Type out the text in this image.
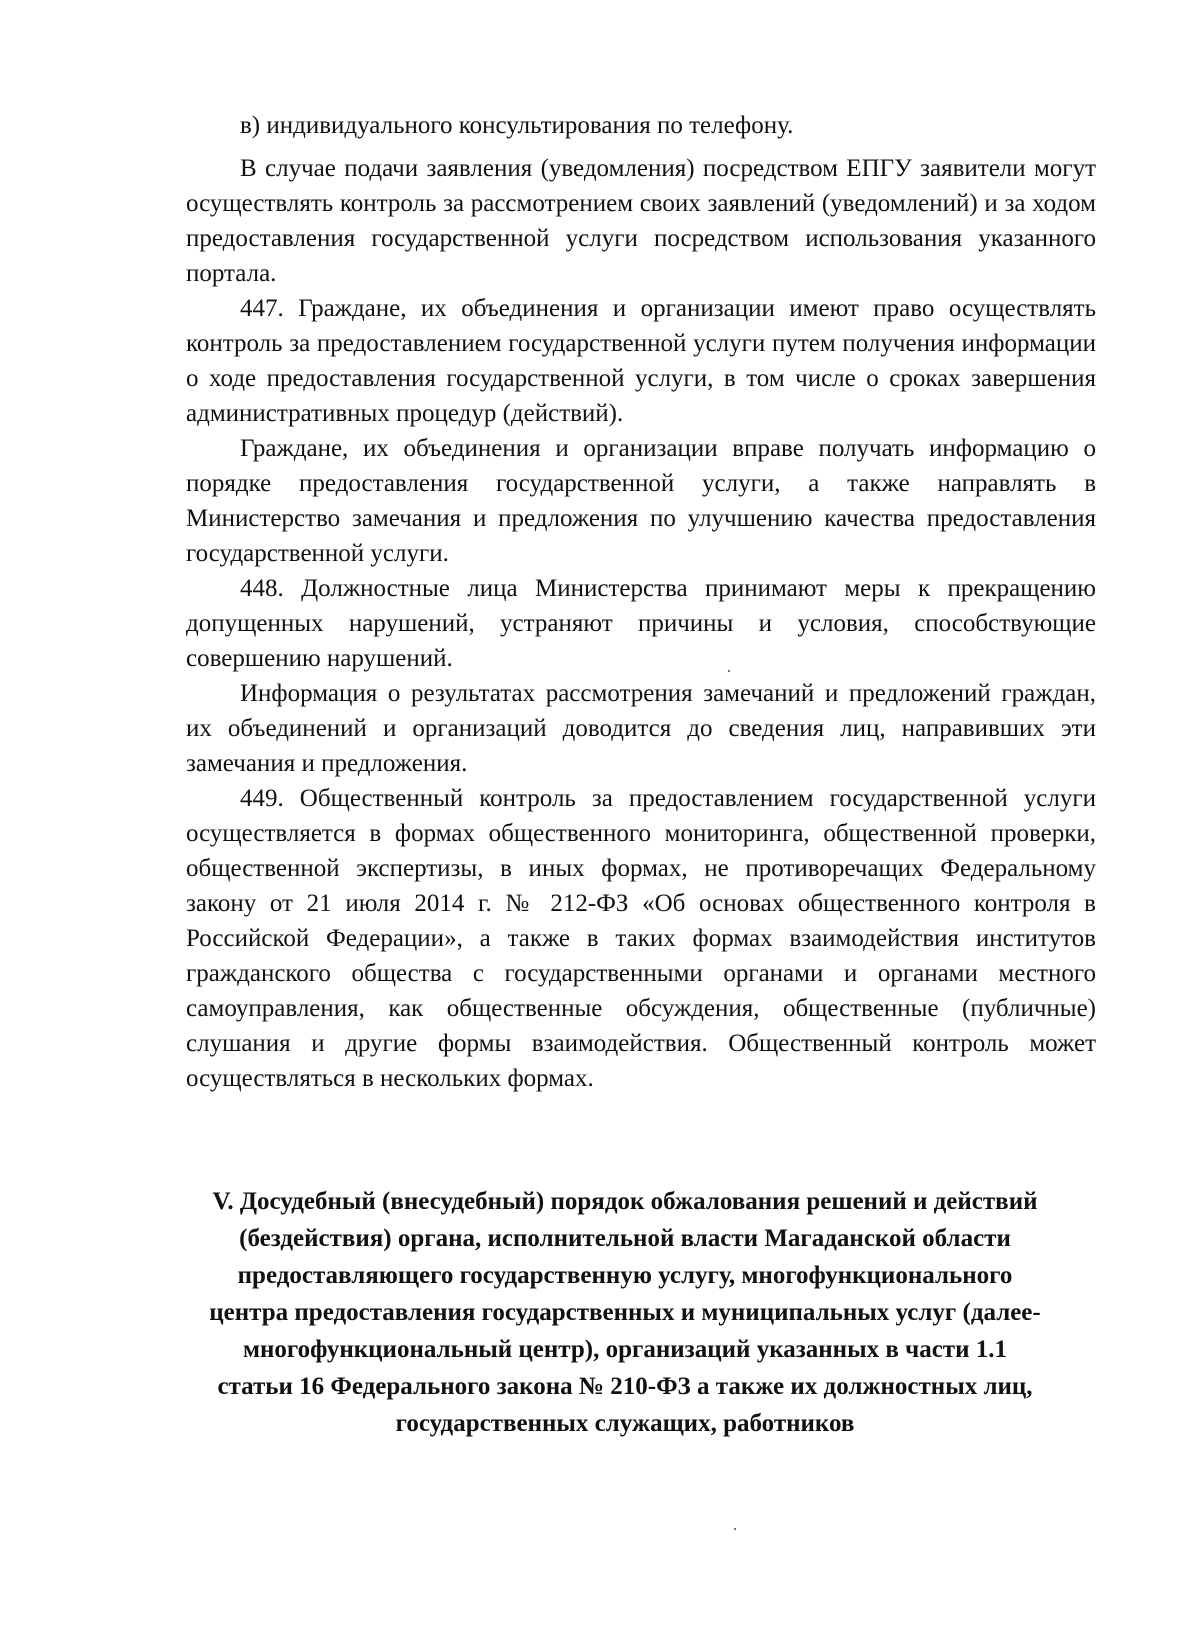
в) индивидуального консультирования по телефону.

В случае подачи заявления (уведомления) посредством ЕПГУ заявители могут осуществлять контроль за рассмотрением своих заявлений (уведомлений) и за ходом предоставления государственной услуги посредством использования указанного портала.

447. Граждане, их объединения и организации имеют право осуществлять контроль за предоставлением государственной услуги путем получения информации о ходе предоставления государственной услуги, в том числе о сроках завершения административных процедур (действий).

Граждане, их объединения и организации вправе получать информацию о порядке предоставления государственной услуги, а также направлять в Министерство замечания и предложения по улучшению качества предоставления государственной услуги.

448. Должностные лица Министерства принимают меры к прекращению допущенных нарушений, устраняют причины и условия, способствующие совершению нарушений.

Информация о результатах рассмотрения замечаний и предложений граждан, их объединений и организаций доводится до сведения лиц, направивших эти замечания и предложения.

449. Общественный контроль за предоставлением государственной услуги осуществляется в формах общественного мониторинга, общественной проверки, общественной экспертизы, в иных формах, не противоречащих Федеральному закону от 21 июля 2014 г. № 212-ФЗ «Об основах общественного контроля в Российской Федерации», а также в таких формах взаимодействия институтов гражданского общества с государственными органами и органами местного самоуправления, как общественные обсуждения, общественные (публичные) слушания и другие формы взаимодействия. Общественный контроль может осуществляться в нескольких формах.

V. Досудебный (внесудебный) порядок обжалования решений и действий
(бездействия) органа, исполнительной власти Магаданской области
предоставляющего государственную услугу, многофункционального
центра предоставления государственных и муниципальных услуг (далее-
многофункциональный центр), организаций указанных в части 1.1
статьи 16 Федерального закона № 210-ФЗ а также их должностных лиц,
государственных служащих, работников
